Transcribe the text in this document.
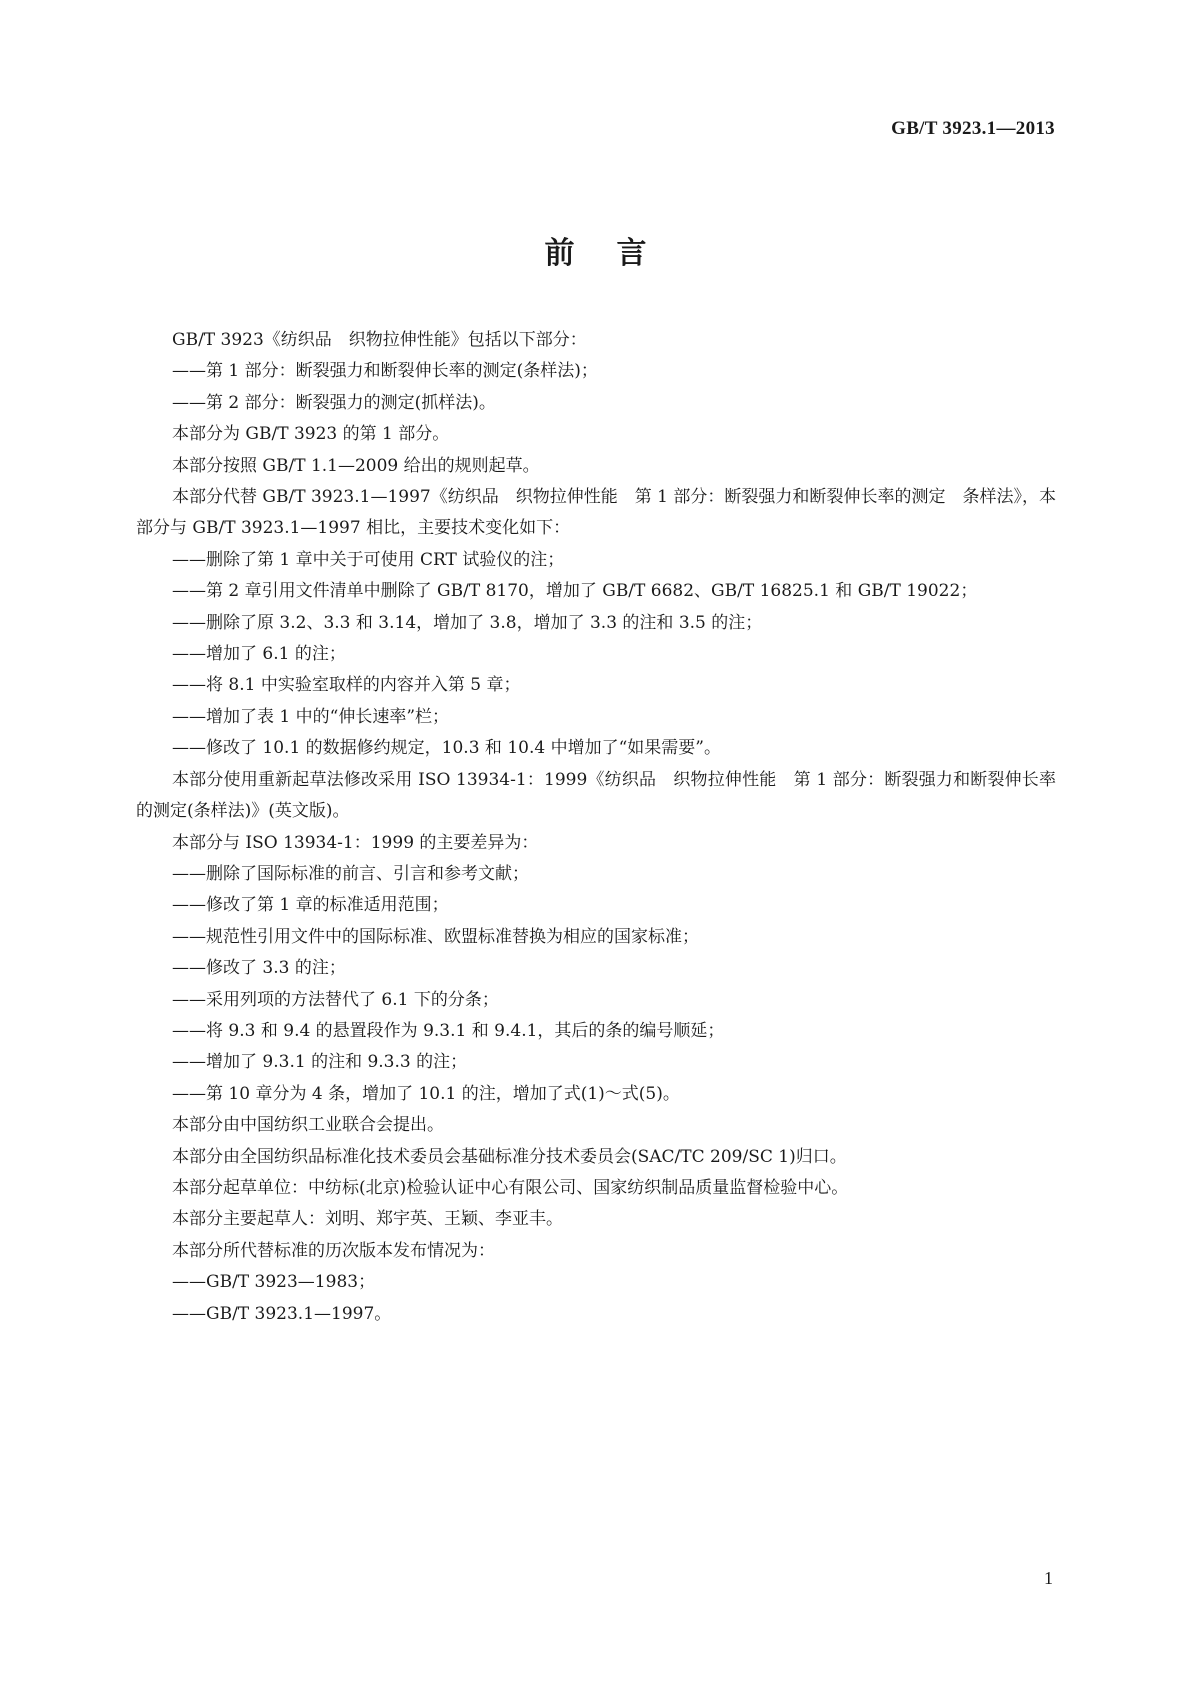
GB/T 3923.1—2013

前言

GB/T 3923《纺织品　织物拉伸性能》包括以下部分：

——第 1 部分：断裂强力和断裂伸长率的测定(条样法)；

——第 2 部分：断裂强力的测定(抓样法)。

本部分为 GB/T 3923 的第 1 部分。

本部分按照 GB/T 1.1—2009 给出的规则起草。

本部分代替 GB/T 3923.1—1997《纺织品　织物拉伸性能　第 1 部分：断裂强力和断裂伸长率的测定　条样法》，本部分与 GB/T 3923.1—1997 相比，主要技术变化如下：

——删除了第 1 章中关于可使用 CRT 试验仪的注；

——第 2 章引用文件清单中删除了 GB/T 8170，增加了 GB/T 6682、GB/T 16825.1 和 GB/T 19022；

——删除了原 3.2、3.3 和 3.14，增加了 3.8，增加了 3.3 的注和 3.5 的注；

——增加了 6.1 的注；

——将 8.1 中实验室取样的内容并入第 5 章；

——增加了表 1 中的“伸长速率”栏；

——修改了 10.1 的数据修约规定，10.3 和 10.4 中增加了“如果需要”。

本部分使用重新起草法修改采用 ISO 13934-1：1999《纺织品　织物拉伸性能　第 1 部分：断裂强力和断裂伸长率的测定(条样法)》(英文版)。

本部分与 ISO 13934-1：1999 的主要差异为：

——删除了国际标准的前言、引言和参考文献；

——修改了第 1 章的标准适用范围；

——规范性引用文件中的国际标准、欧盟标准替换为相应的国家标准；

——修改了 3.3 的注；

——采用列项的方法替代了 6.1 下的分条；

——将 9.3 和 9.4 的悬置段作为 9.3.1 和 9.4.1，其后的条的编号顺延；

——增加了 9.3.1 的注和 9.3.3 的注；

——第 10 章分为 4 条，增加了 10.1 的注，增加了式(1)～式(5)。

本部分由中国纺织工业联合会提出。

本部分由全国纺织品标准化技术委员会基础标准分技术委员会(SAC/TC 209/SC 1)归口。

本部分起草单位：中纺标(北京)检验认证中心有限公司、国家纺织制品质量监督检验中心。

本部分主要起草人：刘明、郑宇英、王颖、李亚丰。

本部分所代替标准的历次版本发布情况为：

——GB/T 3923—1983；

——GB/T 3923.1—1997。

1
